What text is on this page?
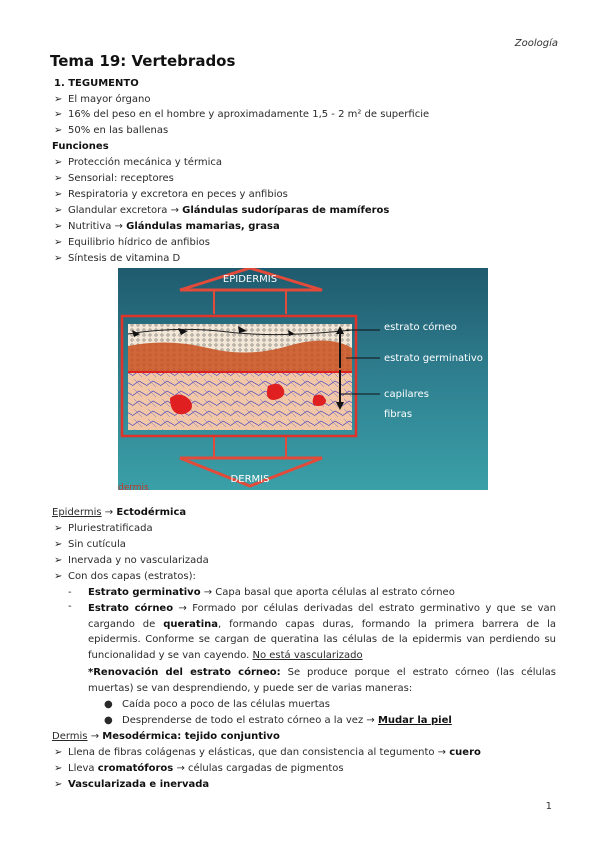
Zoología
Tema 19: Vertebrados
1. TEGUMENTO
➢ El mayor órgano
➢ 16% del peso en el hombre y aproximadamente 1,5 - 2 m² de superficie
➢ 50% en las ballenas
Funciones
➢ Protección mecánica y térmica
➢ Sensorial: receptores
➢ Respiratoria y excretora en peces y anfibios
➢ Glandular excretora → Glándulas sudoríparas de mamíferos
➢ Nutritiva → Glándulas mamarias, grasa
➢ Equilibrio hídrico de anfibios
➢ Síntesis de vitamina D
EPIDERMIS
DERMIS
dermis
estrato córneo
estrato germinativo
capilares
fibras
Epidermis → Ectodérmica
➢ Pluriestratificada
➢ Sin cutícula
➢ Inervada y no vascularizada
➢ Con dos capas (estratos):
- Estrato germinativo → Capa basal que aporta células al estrato córneo
- Estrato córneo → Formado por células derivadas del estrato germinativo y que se van cargando de queratina, formando capas duras, formando la primera barrera de la epidermis. Conforme se cargan de queratina las células de la epidermis van perdiendo su funcionalidad y se van cayendo. No está vascularizado
*Renovación del estrato córneo: Se produce porque el estrato córneo (las células muertas) se van desprendiendo, y puede ser de varias maneras:
● Caída poco a poco de las células muertas
● Desprenderse de todo el estrato córneo a la vez → Mudar la piel
Dermis → Mesodérmica: tejido conjuntivo
➢ Llena de fibras colágenas y elásticas, que dan consistencia al tegumento → cuero
➢ Lleva cromatóforos → células cargadas de pigmentos
➢ Vascularizada e inervada
1
